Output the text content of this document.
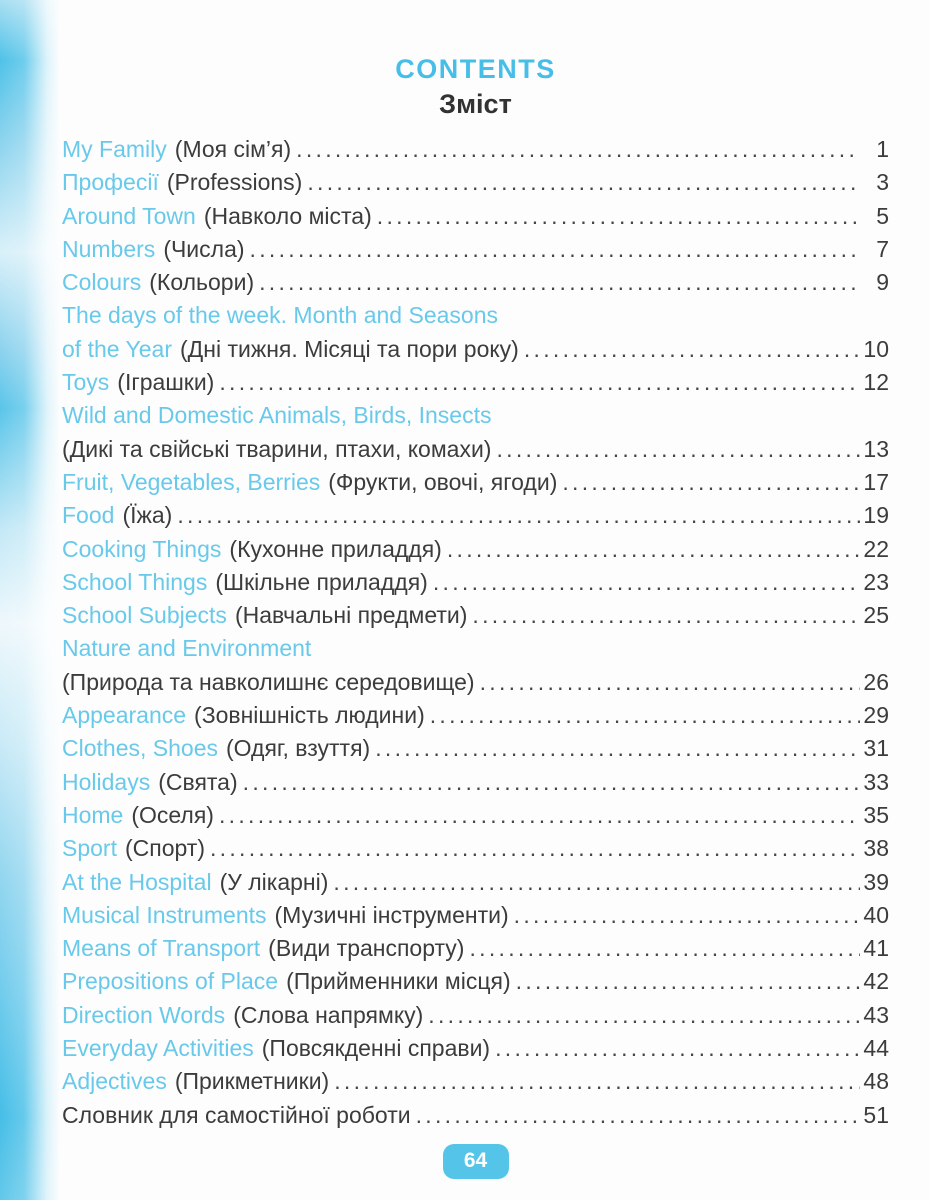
CONTENTS
Зміст
My Family (Моя сім’я) .....	1
Професії (Professions) .....	3
Around Town (Навколо міста) .....	5
Numbers (Числа) .....	7
Colours (Кольори) .....	9
The days of the week. Month and Seasons
of the Year (Дні тижня. Місяці та пори року) .....	10
Toys (Іграшки) .....	12
Wild and Domestic Animals, Birds, Insects
(Дикі та свійські тварини, птахи, комахи) .....	13
Fruit, Vegetables, Berries (Фрукти, овочі, ягоди) .....	17
Food (Їжа) .....	19
Cooking Things (Кухонне приладдя) .....	22
School Things (Шкільне приладдя) .....	23
School Subjects (Навчальні предмети) .....	25
Nature and Environment
(Природа та навколишнє середовище) .....	26
Appearance (Зовнішність людини) .....	29
Clothes, Shoes (Одяг, взуття) .....	31
Holidays (Свята) .....	33
Home (Оселя) .....	35
Sport (Спорт) .....	38
At the Hospital (У лікарні) .....	39
Musical Instruments (Музичні інструменти) .....	40
Means of Transport (Види транспорту) .....	41
Prepositions of Place (Прийменники місця) .....	42
Direction Words (Слова напрямку) .....	43
Everyday Activities (Повсякденні справи) .....	44
Adjectives (Прикметники) .....	48
Словник для самостійної роботи .....	51
64
